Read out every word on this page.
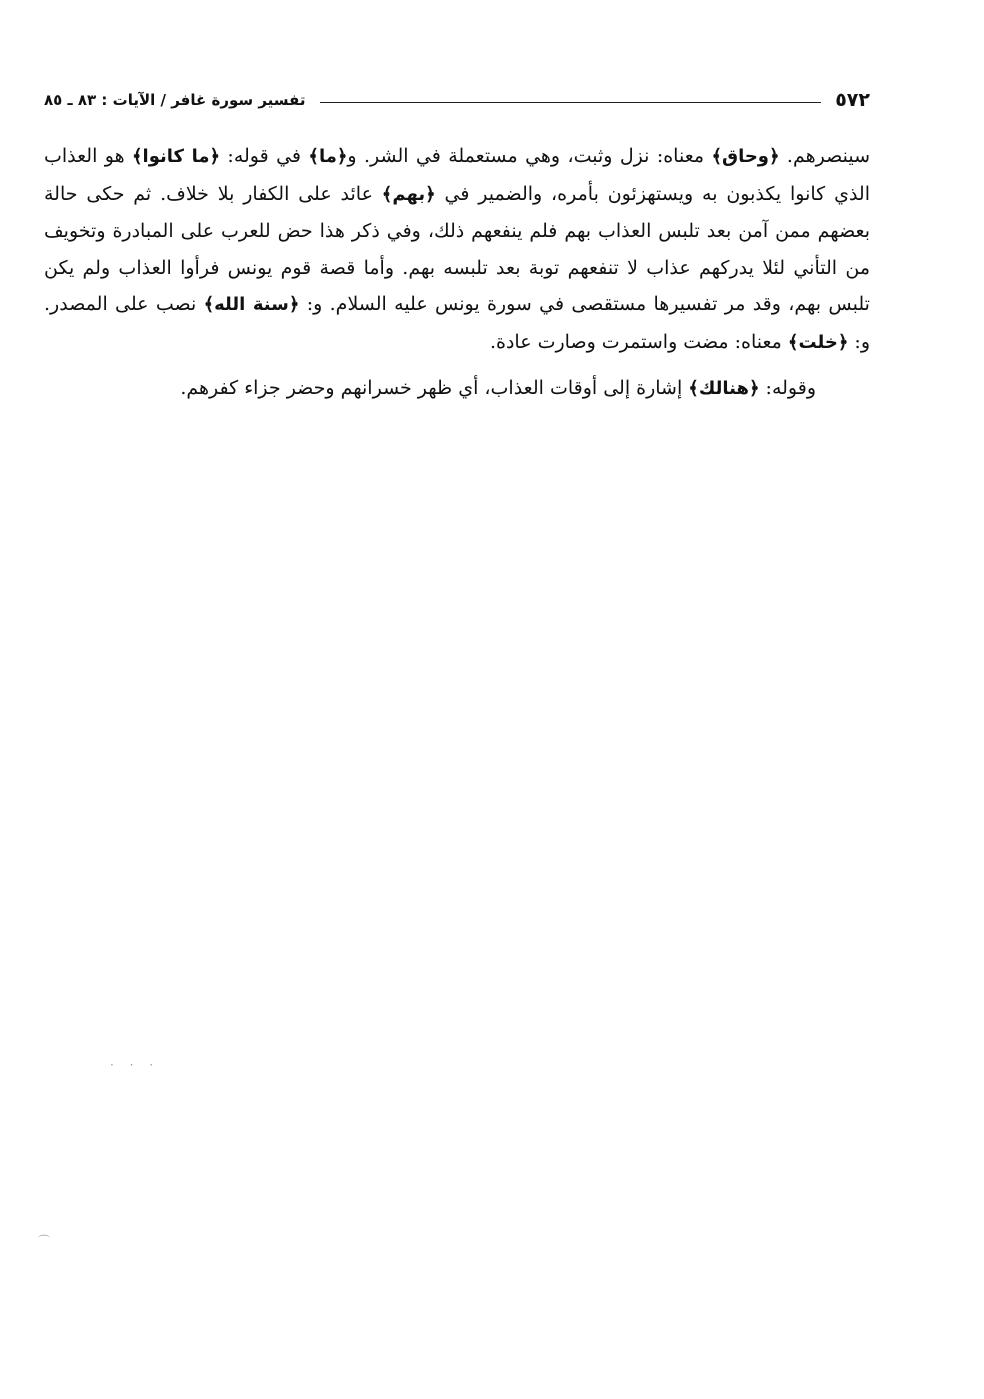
٥٧٢
تفسير سورة غافر / الآيات : ٨٣ ـ ٨٥

سينصرهم. ﴿وحاق﴾ معناه: نزل وثبت، وهي مستعملة في الشر. و﴿ما﴾ في قوله: ﴿ما كانوا﴾ هو العذاب الذي كانوا يكذبون به ويستهزئون بأمره، والضمير في ﴿بهم﴾ عائد على الكفار بلا خلاف. ثم حكى حالة بعضهم ممن آمن بعد تلبس العذاب بهم فلم ينفعهم ذلك، وفي ذكر هذا حض للعرب على المبادرة وتخويف من التأني لئلا يدركهم عذاب لا تنفعهم توبة بعد تلبسه بهم. وأما قصة قوم يونس فرأوا العذاب ولم يكن تلبس بهم، وقد مر تفسيرها مستقصى في سورة يونس عليه السلام. و: ﴿سنة الله﴾ نصب على المصدر. و: ﴿خلت﴾ معناه: مضت واستمرت وصارت عادة.

وقوله: ﴿هنالك﴾ إشارة إلى أوقات العذاب، أي ظهر خسرانهم وحضر جزاء كفرهم.

⌒
· · ·
